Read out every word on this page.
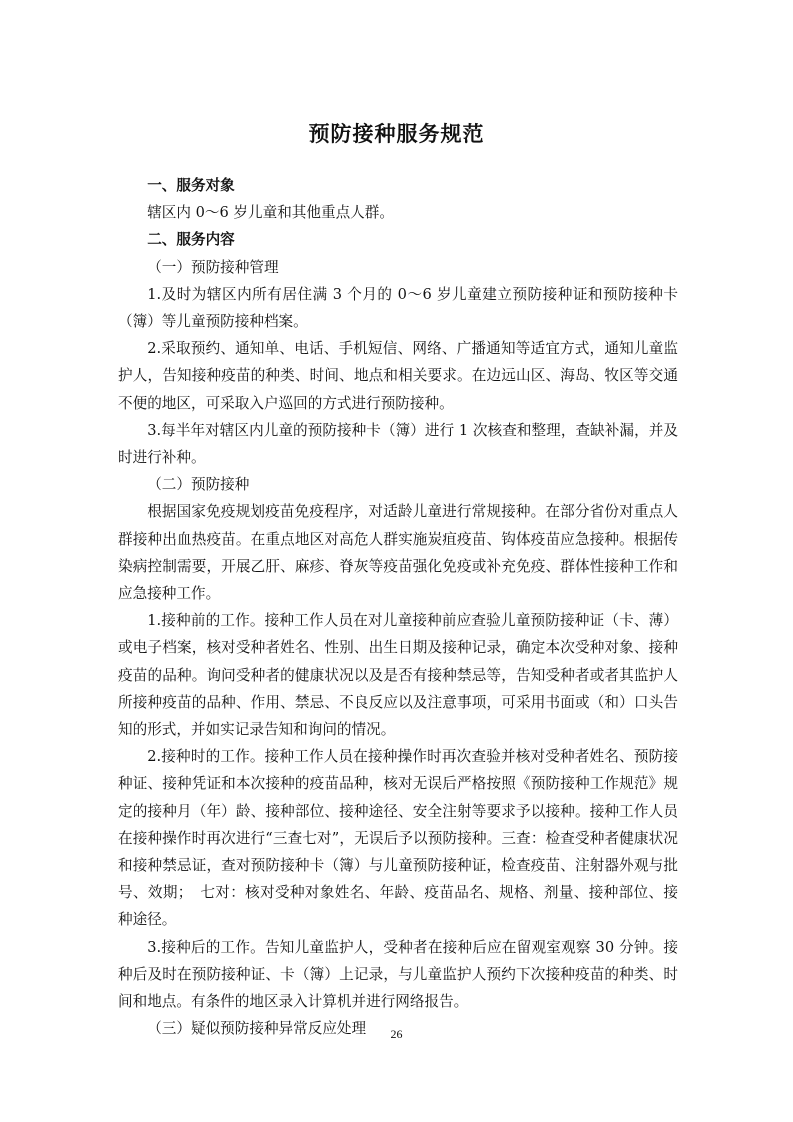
预防接种服务规范

一、服务对象

辖区内 0～6 岁儿童和其他重点人群。

二、服务内容

（一）预防接种管理

1.及时为辖区内所有居住满 3 个月的 0～6 岁儿童建立预防接种证和预防接种卡（簿）等儿童预防接种档案。

2.采取预约、通知单、电话、手机短信、网络、广播通知等适宜方式，通知儿童监护人，告知接种疫苗的种类、时间、地点和相关要求。在边远山区、海岛、牧区等交通不便的地区，可采取入户巡回的方式进行预防接种。

3.每半年对辖区内儿童的预防接种卡（簿）进行 1 次核查和整理，查缺补漏，并及时进行补种。

（二）预防接种

根据国家免疫规划疫苗免疫程序，对适龄儿童进行常规接种。在部分省份对重点人群接种出血热疫苗。在重点地区对高危人群实施炭疽疫苗、钩体疫苗应急接种。根据传染病控制需要，开展乙肝、麻疹、脊灰等疫苗强化免疫或补充免疫、群体性接种工作和应急接种工作。

1.接种前的工作。接种工作人员在对儿童接种前应查验儿童预防接种证（卡、薄）或电子档案，核对受种者姓名、性别、出生日期及接种记录，确定本次受种对象、接种疫苗的品种。询问受种者的健康状况以及是否有接种禁忌等，告知受种者或者其监护人所接种疫苗的品种、作用、禁忌、不良反应以及注意事项，可采用书面或（和）口头告知的形式，并如实记录告知和询问的情况。

2.接种时的工作。接种工作人员在接种操作时再次查验并核对受种者姓名、预防接种证、接种凭证和本次接种的疫苗品种，核对无误后严格按照《预防接种工作规范》规定的接种月（年）龄、接种部位、接种途径、安全注射等要求予以接种。接种工作人员在接种操作时再次进行“三查七对”，无误后予以预防接种。三查：检查受种者健康状况和接种禁忌证，查对预防接种卡（簿）与儿童预防接种证，检查疫苗、注射器外观与批号、效期；　七对：核对受种对象姓名、年龄、疫苗品名、规格、剂量、接种部位、接种途径。

3.接种后的工作。告知儿童监护人，受种者在接种后应在留观室观察 30 分钟。接种后及时在预防接种证、卡（簿）上记录，与儿童监护人预约下次接种疫苗的种类、时间和地点。有条件的地区录入计算机并进行网络报告。

（三）疑似预防接种异常反应处理	26
